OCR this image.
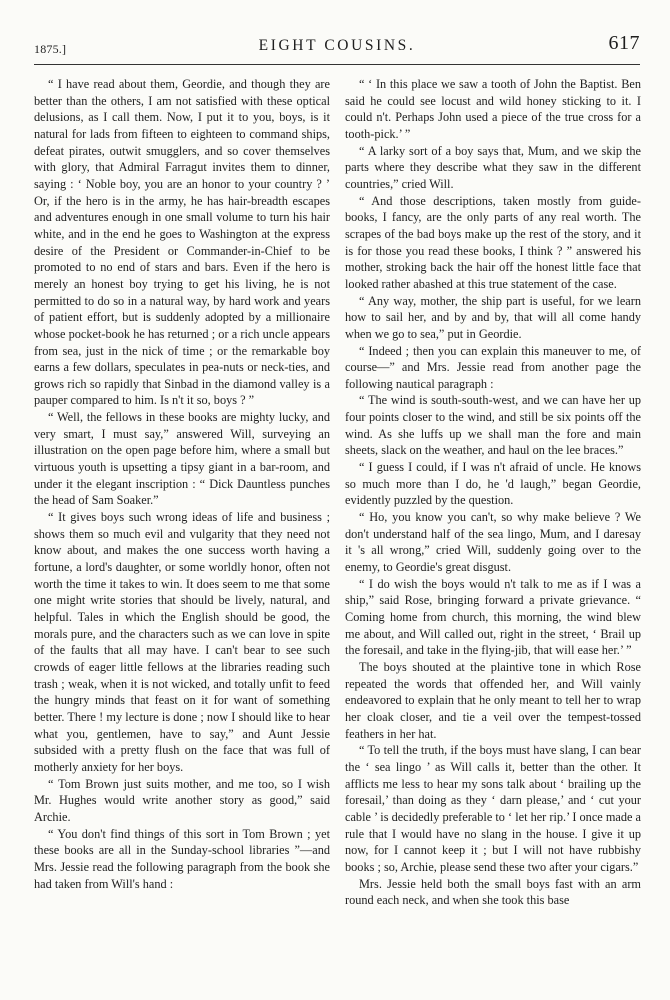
1875.]	EIGHT COUSINS.	617

“ I have read about them, Geordie, and though they are better than the others, I am not satisfied with these optical delusions, as I call them. Now, I put it to you, boys, is it natural for lads from fifteen to eighteen to command ships, defeat pirates, outwit smugglers, and so cover themselves with glory, that Admiral Farragut invites them to dinner, saying : ‘ Noble boy, you are an honor to your country ? ’ Or, if the hero is in the army, he has hair-breadth escapes and adventures enough in one small volume to turn his hair white, and in the end he goes to Washington at the express desire of the President or Commander-in-Chief to be promoted to no end of stars and bars. Even if the hero is merely an honest boy trying to get his living, he is not permitted to do so in a natural way, by hard work and years of patient effort, but is suddenly adopted by a millionaire whose pocket-book he has returned ; or a rich uncle appears from sea, just in the nick of time ; or the remarkable boy earns a few dollars, speculates in pea-nuts or neck-ties, and grows rich so rapidly that Sinbad in the diamond valley is a pauper compared to him. Is n't it so, boys ? ”

“ Well, the fellows in these books are mighty lucky, and very smart, I must say,” answered Will, surveying an illustration on the open page before him, where a small but virtuous youth is upsetting a tipsy giant in a bar-room, and under it the elegant inscription : “ Dick Dauntless punches the head of Sam Soaker.”

“ It gives boys such wrong ideas of life and business ; shows them so much evil and vulgarity that they need not know about, and makes the one success worth having a fortune, a lord's daughter, or some worldly honor, often not worth the time it takes to win. It does seem to me that some one might write stories that should be lively, natural, and helpful. Tales in which the English should be good, the morals pure, and the characters such as we can love in spite of the faults that all may have. I can't bear to see such crowds of eager little fellows at the libraries reading such trash ; weak, when it is not wicked, and totally unfit to feed the hungry minds that feast on it for want of something better. There ! my lecture is done ; now I should like to hear what you, gentlemen, have to say,” and Aunt Jessie subsided with a pretty flush on the face that was full of motherly anxiety for her boys.

“ Tom Brown just suits mother, and me too, so I wish Mr. Hughes would write another story as good,” said Archie.

“ You don't find things of this sort in Tom Brown ; yet these books are all in the Sunday-school libraries ”—and Mrs. Jessie read the following paragraph from the book she had taken from Will's hand :

“ ‘ In this place we saw a tooth of John the Baptist. Ben said he could see locust and wild honey sticking to it. I could n't. Perhaps John used a piece of the true cross for a tooth-pick.’ ”

“ A larky sort of a boy says that, Mum, and we skip the parts where they describe what they saw in the different countries,” cried Will.

“ And those descriptions, taken mostly from guide-books, I fancy, are the only parts of any real worth. The scrapes of the bad boys make up the rest of the story, and it is for those you read these books, I think ? ” answered his mother, stroking back the hair off the honest little face that looked rather abashed at this true statement of the case.

“ Any way, mother, the ship part is useful, for we learn how to sail her, and by and by, that will all come handy when we go to sea,” put in Geordie.

“ Indeed ; then you can explain this maneuver to me, of course—” and Mrs. Jessie read from another page the following nautical paragraph :

“ The wind is south-south-west, and we can have her up four points closer to the wind, and still be six points off the wind. As she luffs up we shall man the fore and main sheets, slack on the weather, and haul on the lee braces.”

“ I guess I could, if I was n't afraid of uncle. He knows so much more than I do, he 'd laugh,” began Geordie, evidently puzzled by the question.

“ Ho, you know you can't, so why make believe ? We don't understand half of the sea lingo, Mum, and I daresay it 's all wrong,” cried Will, suddenly going over to the enemy, to Geordie's great disgust.

“ I do wish the boys would n't talk to me as if I was a ship,” said Rose, bringing forward a private grievance. “ Coming home from church, this morning, the wind blew me about, and Will called out, right in the street, ‘ Brail up the foresail, and take in the flying-jib, that will ease her.’ ”

The boys shouted at the plaintive tone in which Rose repeated the words that offended her, and Will vainly endeavored to explain that he only meant to tell her to wrap her cloak closer, and tie a veil over the tempest-tossed feathers in her hat.

“ To tell the truth, if the boys must have slang, I can bear the ‘ sea lingo ’ as Will calls it, better than the other. It afflicts me less to hear my sons talk about ‘ brailing up the foresail,’ than doing as they ‘ darn please,’ and ‘ cut your cable ’ is decidedly preferable to ‘ let her rip.’ I once made a rule that I would have no slang in the house. I give it up now, for I cannot keep it ; but I will not have rubbishy books ; so, Archie, please send these two after your cigars.”

Mrs. Jessie held both the small boys fast with an arm round each neck, and when she took this base
